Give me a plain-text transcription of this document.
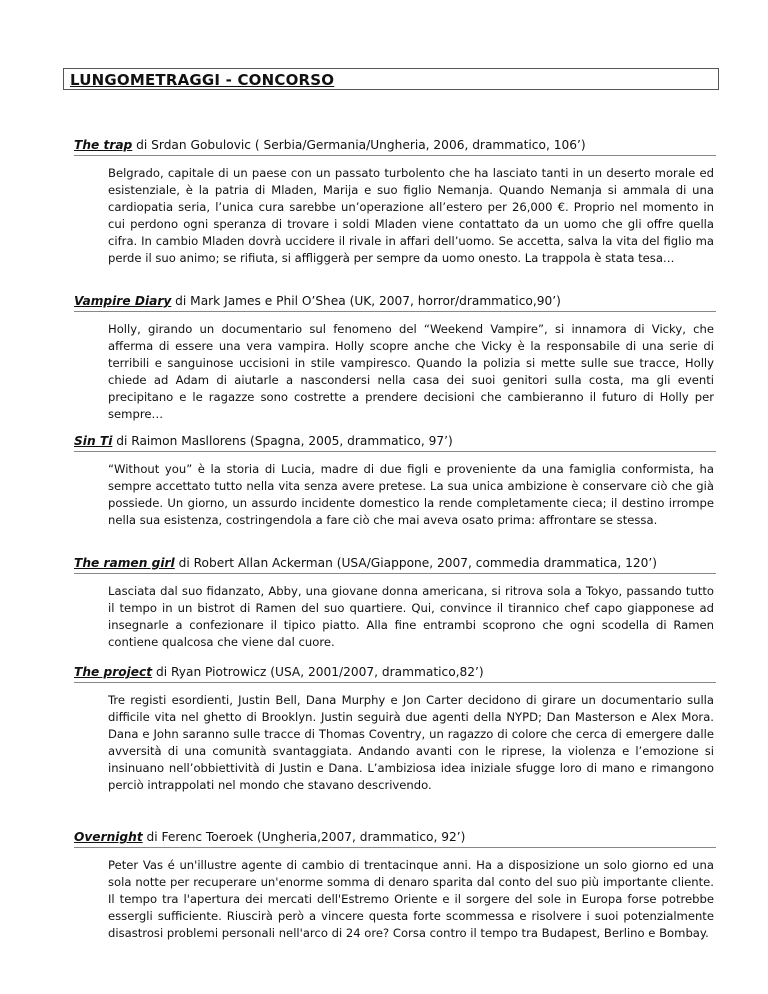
LUNGOMETRAGGI - CONCORSO
The trap di Srdan Gobulovic ( Serbia/Germania/Ungheria, 2006, drammatico, 106’)
Belgrado, capitale di un paese con un passato turbolento che ha lasciato tanti in un deserto morale ed esistenziale, è la patria di Mladen, Marija e suo figlio Nemanja. Quando Nemanja si ammala di una cardiopatia seria, l’unica cura sarebbe un’operazione all’estero per 26,000 €. Proprio nel momento in cui perdono ogni speranza di trovare i soldi Mladen viene contattato da un uomo che gli offre quella cifra. In cambio Mladen dovrà uccidere il rivale in affari dell’uomo. Se accetta, salva la vita del figlio ma perde il suo animo; se rifiuta, si affliggerà per sempre da uomo onesto. La trappola è stata tesa…
Vampire Diary di Mark James e Phil O’Shea (UK, 2007, horror/drammatico,90’)
Holly, girando un documentario sul fenomeno del “Weekend Vampire”, si innamora di Vicky, che afferma di essere una vera vampira. Holly scopre anche che Vicky è la responsabile di una serie di terribili e sanguinose uccisioni in stile vampiresco. Quando la polizia si mette sulle sue tracce, Holly chiede ad Adam di aiutarle a nascondersi nella casa dei suoi genitori sulla costa, ma gli eventi precipitano e le ragazze sono costrette a prendere decisioni che cambieranno il futuro di Holly per sempre…
Sin Ti di Raimon Masllorens (Spagna, 2005, drammatico, 97’)
“Without you” è la storia di Lucia, madre di due figli e proveniente da una famiglia conformista, ha sempre accettato tutto nella vita senza avere pretese. La sua unica ambizione è conservare ciò che già possiede. Un giorno, un assurdo incidente domestico la rende completamente cieca; il destino irrompe nella sua esistenza, costringendola a fare ciò che mai aveva osato prima: affrontare se stessa.
The ramen girl di Robert Allan Ackerman (USA/Giappone, 2007, commedia drammatica, 120’)
Lasciata dal suo fidanzato, Abby, una giovane donna americana, si ritrova sola a Tokyo, passando tutto il tempo in un bistrot di Ramen del suo quartiere. Qui, convince il tirannico chef capo giapponese ad insegnarle a confezionare il tipico piatto. Alla fine entrambi scoprono che ogni scodella di Ramen contiene qualcosa che viene dal cuore.
The project di Ryan Piotrowicz (USA, 2001/2007, drammatico,82’)
Tre registi esordienti, Justin Bell, Dana Murphy e Jon Carter decidono di girare un documentario sulla difficile vita nel ghetto di Brooklyn. Justin seguirà due agenti della NYPD; Dan Masterson e Alex Mora. Dana e John saranno sulle tracce di Thomas Coventry, un ragazzo di colore che cerca di emergere dalle avversità di una comunità svantaggiata. Andando avanti con le riprese, la violenza e l’emozione si insinuano nell’obbiettività di Justin e Dana. L’ambiziosa idea iniziale sfugge loro di mano e rimangono perciò intrappolati nel mondo che stavano descrivendo.
Overnight di Ferenc Toeroek (Ungheria,2007, drammatico, 92’)
Peter Vas é un'illustre agente di cambio di trentacinque anni. Ha a disposizione un solo giorno ed una sola notte per recuperare un'enorme somma di denaro sparita dal conto del suo più importante cliente. Il tempo tra l'apertura dei mercati dell'Estremo Oriente e il sorgere del sole in Europa forse potrebbe essergli sufficiente. Riuscirà però a vincere questa forte scommessa e risolvere i suoi potenzialmente disastrosi problemi personali nell'arco di 24 ore? Corsa contro il tempo tra Budapest, Berlino e Bombay.
